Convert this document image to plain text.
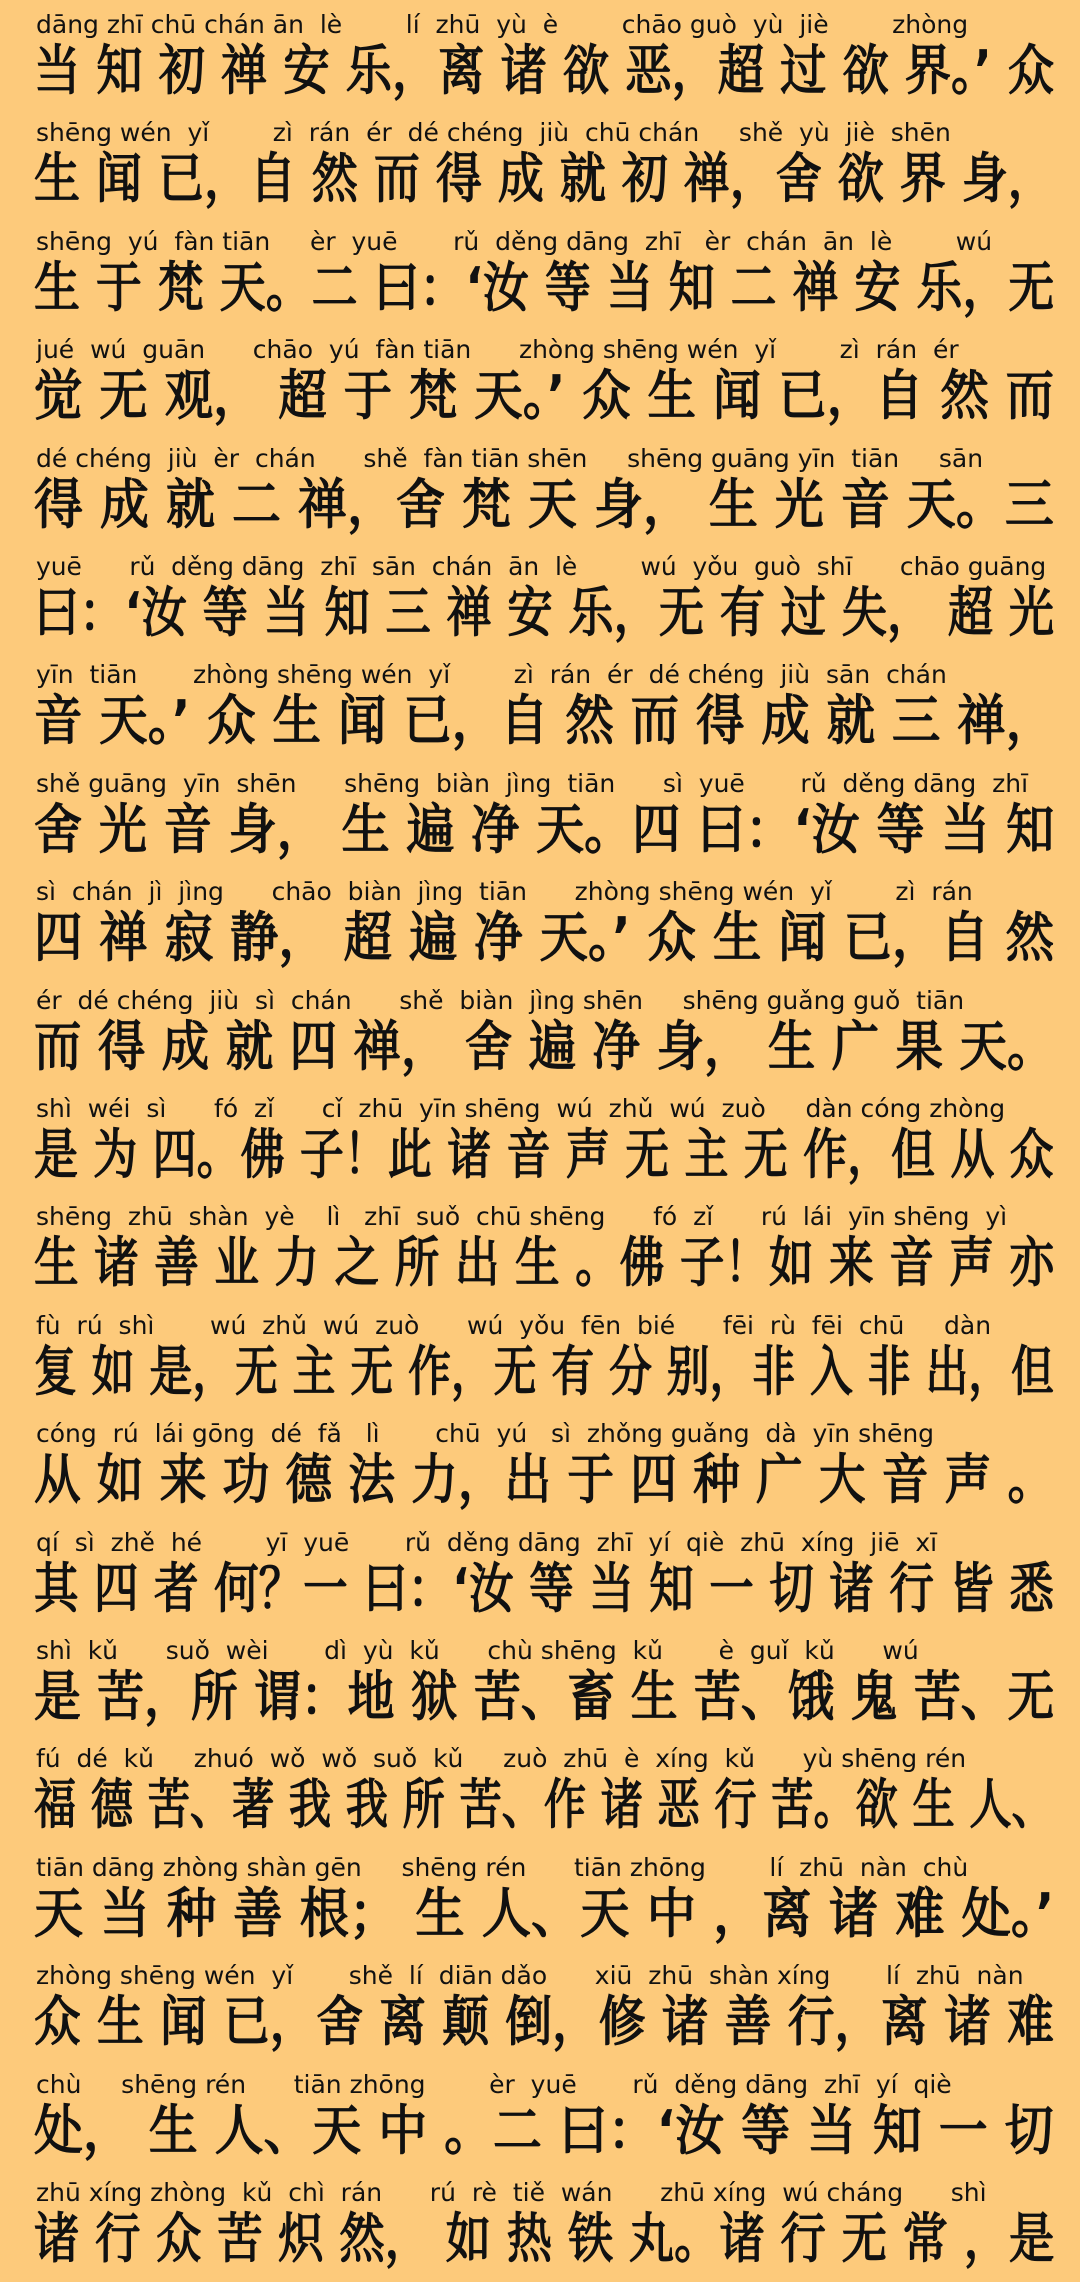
dāng zhī chū chán ān  lè        lí  zhū  yù  è        chāo guò  yù  jiè        zhòng
当 知 初 禅 安 乐，离 诸 欲 恶，超 过 欲 界。’ 众
shēng wén  yǐ        zì  rán  ér  dé chéng  jiù  chū chán     shě  yù  jiè  shēn
生 闻 已，自 然 而 得 成 就 初 禅，舍 欲 界 身，
shēng  yú  fàn tiān     èr  yuē       rǔ  děng dāng  zhī   èr  chán  ān  lè        wú
生 于 梵 天。二 曰：‘汝 等 当 知 二 禅 安 乐，无
jué  wú  guān      chāo  yú  fàn tiān      zhòng shēng wén  yǐ        zì  rán  ér
觉 无 观， 超 于 梵 天。’ 众 生 闻 已，自 然 而
dé chéng  jiù  èr  chán      shě  fàn tiān shēn     shēng guāng yīn  tiān     sān
得 成 就 二 禅，舍 梵 天 身， 生 光 音 天。三
yuē      rǔ  děng dāng  zhī  sān  chán  ān  lè        wú  yǒu  guò  shī      chāo guāng
曰：‘汝 等 当 知 三 禅 安 乐，无 有 过 失， 超 光
yīn  tiān       zhòng shēng wén  yǐ        zì  rán  ér  dé chéng  jiù  sān  chán
音 天。’ 众 生 闻 已，自 然 而 得 成 就 三 禅，
shě guāng  yīn  shēn      shēng  biàn  jìng  tiān      sì  yuē       rǔ  děng dāng  zhī
舍 光 音 身， 生 遍 净 天。四 曰：‘汝 等 当 知
sì  chán  jì  jìng      chāo  biàn  jìng  tiān      zhòng shēng wén  yǐ        zì  rán
四 禅 寂 静， 超 遍 净 天。’ 众 生 闻 已，自 然
ér  dé chéng  jiù  sì  chán      shě  biàn  jìng shēn     shēng guǎng guǒ  tiān
而 得 成 就 四 禅， 舍 遍 净 身， 生 广 果 天。
shì  wéi  sì      fó  zǐ      cǐ  zhū  yīn shēng  wú  zhǔ  wú  zuò     dàn cóng zhòng
是 为 四。佛 子！此 诸 音 声 无 主 无 作，但 从 众
shēng  zhū  shàn  yè    lì   zhī  suǒ  chū shēng      fó  zǐ      rú  lái  yīn shēng  yì
生 诸 善 业 力 之 所 出 生 。佛 子！如 来 音 声 亦
fù  rú  shì       wú  zhǔ  wú  zuò      wú  yǒu  fēn  bié      fēi  rù  fēi  chū     dàn
复 如 是，无 主 无 作，无 有 分 别，非 入 非 出，但
cóng  rú  lái gōng  dé  fǎ   lì       chū  yú   sì  zhǒng guǎng  dà  yīn shēng
从 如 来 功 德 法 力，出 于 四 种 广 大 音 声 。
qí  sì  zhě  hé        yī  yuē       rǔ  děng dāng  zhī  yí  qiè  zhū  xíng  jiē  xī
其 四 者 何？一 曰：‘汝 等 当 知 一 切 诸 行 皆 悉
shì  kǔ      suǒ  wèi       dì  yù  kǔ      chù shēng  kǔ       è  guǐ  kǔ      wú
是 苦，所 谓：地 狱 苦、畜 生 苦、饿 鬼 苦、无
fú  dé  kǔ     zhuó  wǒ  wǒ  suǒ  kǔ     zuò  zhū  è  xíng  kǔ      yù shēng rén
福 德 苦、著 我 我 所 苦、作 诸 恶 行 苦。欲 生 人、
tiān dāng zhòng shàn gēn     shēng rén      tiān zhōng        lí  zhū  nàn  chù
天 当 种 善 根； 生 人、天 中 ，离 诸 难 处。’
zhòng shēng wén  yǐ       shě  lí  diān dǎo      xiū  zhū  shàn xíng       lí  zhū  nàn
众 生 闻 已，舍 离 颠 倒，修 诸 善 行，离 诸 难
chù     shēng rén      tiān zhōng        èr  yuē       rǔ  děng dāng  zhī  yí  qiè
处， 生 人、天 中 。二 曰：‘汝 等 当 知 一 切
zhū xíng zhòng  kǔ  chì  rán      rú  rè  tiě  wán      zhū xíng  wú cháng      shì
诸 行 众 苦 炽 然， 如 热 铁 丸。诸 行 无 常 ，是
